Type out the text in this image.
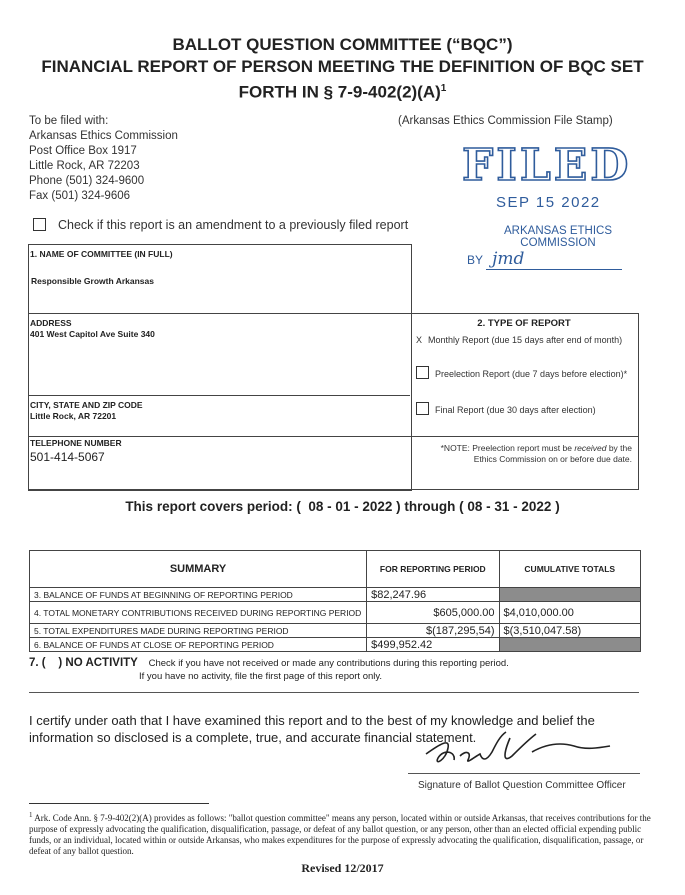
BALLOT QUESTION COMMITTEE (“BQC”)
FINANCIAL REPORT OF PERSON MEETING THE DEFINITION OF BQC SET
FORTH IN § $7-9-402(2)(A)^1$
To be filed with:
Arkansas Ethics Commission
Post Office Box 1917
Little Rock, AR 72203
Phone (501) 324-9600
Fax (501) 324-9606
(Arkansas Ethics Commission File Stamp)
FILED
SEP 15 2022
ARKANSAS ETHICS
COMMISSION
BY jmd
Check if this report is an amendment to a previously filed report
1. NAME OF COMMITTEE (IN FULL)
Responsible Growth Arkansas
ADDRESS
401 West Capitol Ave Suite 340
CITY, STATE AND ZIP CODE
Little Rock, AR 72201
TELEPHONE NUMBER
501-414-5067
2. TYPE OF REPORT
X Monthly Report (due 15 days after end of month)
Preelection Report (due 7 days before election)*
Final Report (due 30 days after election)
*NOTE: Preelection report must be received by the
Ethics Commission on or before due date.
This report covers period: (  08 - 01 - 2022 ) through ( 08 - 31 - 2022 )
SUMMARY	FOR REPORTING PERIOD	CUMULATIVE TOTALS
3. BALANCE OF FUNDS AT BEGINNING OF REPORTING PERIOD	$82,247.96	
4. TOTAL MONETARY CONTRIBUTIONS RECEIVED DURING REPORTING PERIOD	$605,000.00	$4,010,000.00
5. TOTAL EXPENDITURES MADE DURING REPORTING PERIOD	$(187,295,54)	$(3,510,047.58)
6. BALANCE OF FUNDS AT CLOSE OF REPORTING PERIOD	$499,952.42	
7. (    ) NO ACTIVITY Check if you have not received or made any contributions during this reporting period.
If you have no activity, file the first page of this report only.
I certify under oath that I have examined this report and to the best of my knowledge and belief the information so disclosed is a complete, true, and accurate financial statement.
Signature of Ballot Question Committee Officer
$^1$ Ark. Code Ann. § 7-9-402(2)(A) provides as follows: "ballot question committee" means any person, located within or outside Arkansas, that receives contributions for the purpose of expressly advocating the qualification, disqualification, passage, or defeat of any ballot question, or any person, other than an elected official expending public funds, or an individual, located within or outside Arkansas, who makes expenditures for the purpose of expressly advocating the qualification, disqualification, passage, or defeat of any ballot question.
Revised 12/2017
